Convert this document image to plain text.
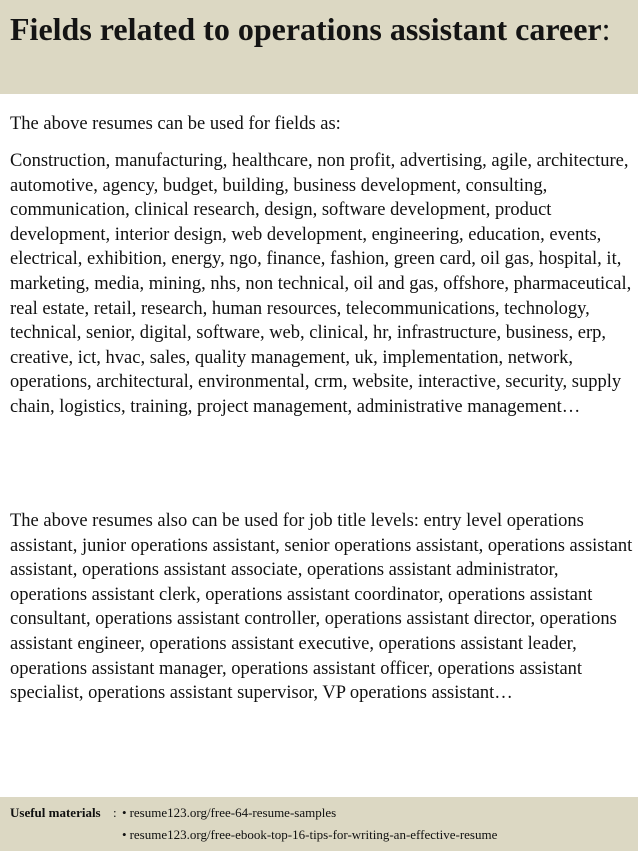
Fields related to operations assistant career:

The above resumes can be used for fields as:

Construction, manufacturing, healthcare, non profit, advertising, agile, architecture, automotive, agency, budget, building, business development, consulting, communication, clinical research, design, software development, product development, interior design, web development, engineering, education, events, electrical, exhibition, energy, ngo, finance, fashion, green card, oil gas, hospital, it, marketing, media, mining, nhs, non technical, oil and gas, offshore, pharmaceutical, real estate, retail, research, human resources, telecommunications, technology, technical, senior, digital, software, web, clinical, hr, infrastructure, business, erp, creative, ict, hvac, sales, quality management, uk, implementation, network, operations, architectural, environmental, crm, website, interactive, security, supply chain, logistics, training, project management, administrative management…

The above resumes also can be used for job title levels: entry level operations assistant, junior operations assistant, senior operations assistant, operations assistant assistant, operations assistant associate, operations assistant administrator, operations assistant clerk, operations assistant coordinator, operations assistant consultant, operations assistant controller, operations assistant director, operations assistant engineer, operations assistant executive, operations assistant leader, operations assistant manager, operations assistant officer, operations assistant specialist, operations assistant supervisor, VP operations assistant…

Useful materials : • resume123.org/free-64-resume-samples
• resume123.org/free-ebook-top-16-tips-for-writing-an-effective-resume
